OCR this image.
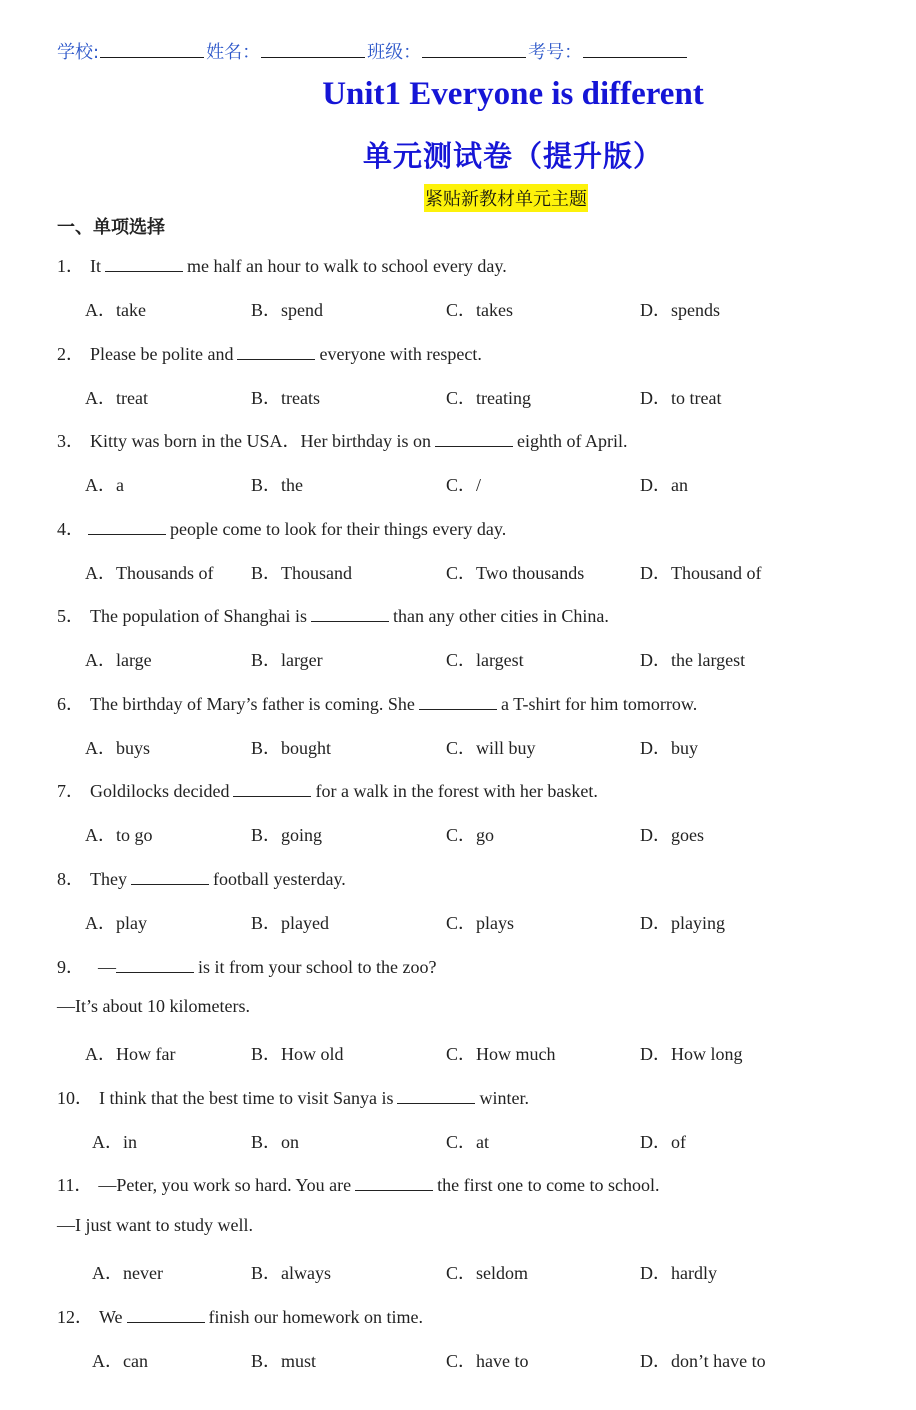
学校:	姓名：	班级：	考号：
Unit1 Everyone is different
单元测试卷（提升版）
紧贴新教材单元主题
一、单项选择
1． It	me half an hour to walk to school every day.
A．take	B．spend	C．takes	D．spends
2． Please be polite and	everyone with respect.
A．treat	B．treats	C．treating	D．to treat
3． Kitty was born in the USA．Her birthday is on	eighth of April.
A．a	B．the	C．/	D．an
4．	people come to look for their things every day.
A．Thousands of B．Thousand	C．Two thousands	D．Thousand of
5． The population of Shanghai is	than any other cities in China.
A．large	B．larger	C．largest	D．the largest
6． The birthday of Mary’s father is coming. She	a T-shirt for him tomorrow.
A．buys	B．bought	C．will buy	D．buy
7． Goldilocks decided	for a walk in the forest with her basket.
A．to go	B．going	C．go	D．goes
8． They	football yesterday.
A．play	B．played	C．plays	D．playing
9． —	is it from your school to the zoo?
—It’s about 10 kilometers.
A．How far	B．How old	C．How much	D．How long
10． I think that the best time to visit Sanya is	winter.
A．in	B．on	C．at	D．of
11． —Peter, you work so hard. You are	the first one to come to school.
—I just want to study well.
A．never	B．always	C．seldom	D．hardly
12． We	finish our homework on time.
A．can	B．must	C．have to	D．don’t have to
